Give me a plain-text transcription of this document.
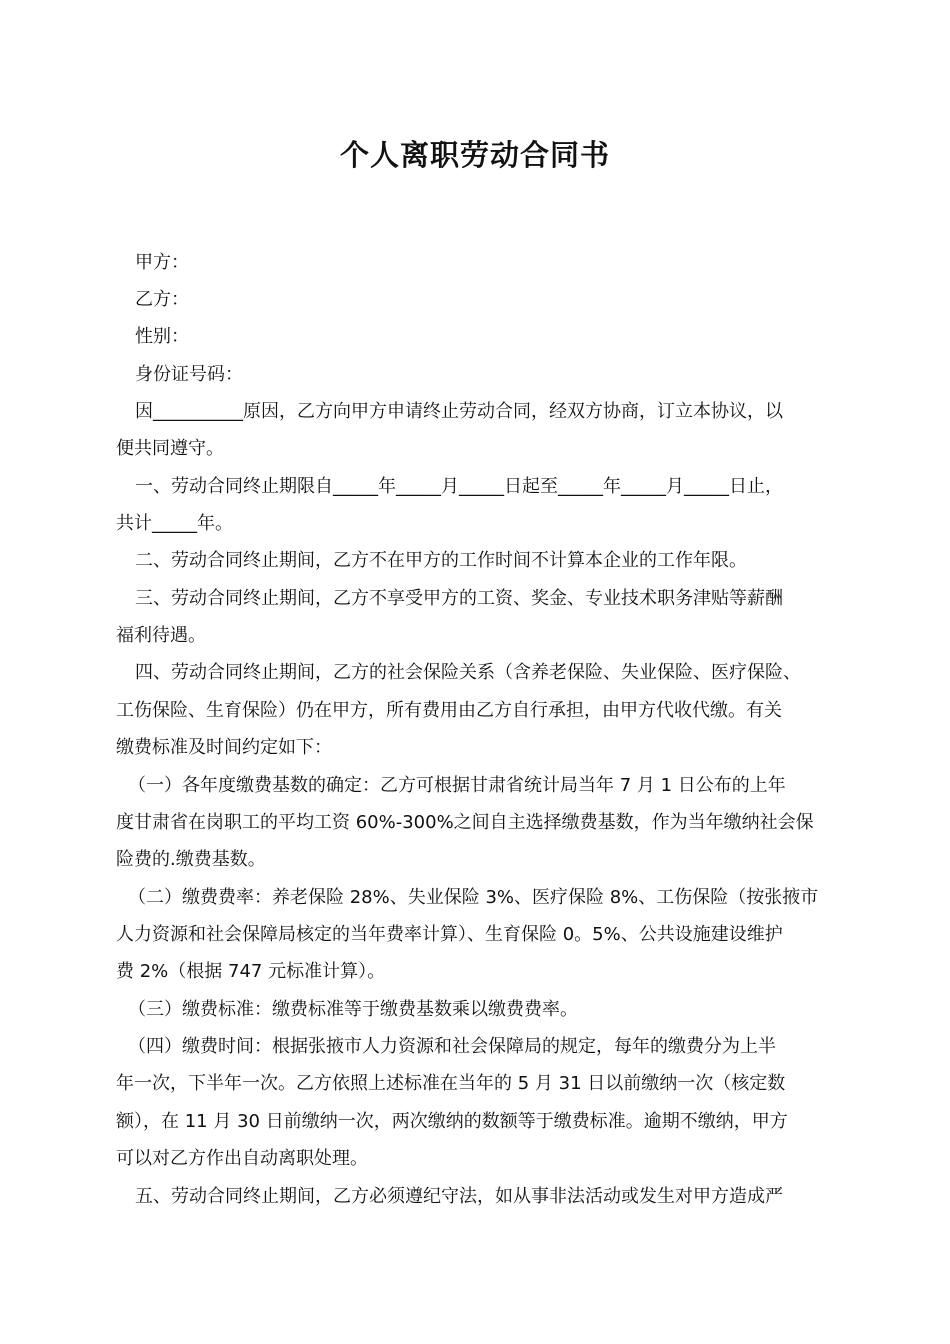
个人离职劳动合同书

甲方：

乙方：

性别：

身份证号码：

因__________原因，乙方向甲方申请终止劳动合同，经双方协商，订立本协议，以

便共同遵守。

一、劳动合同终止期限自_____年_____月_____日起至_____年_____月_____日止，

共计_____年。

二、劳动合同终止期间，乙方不在甲方的工作时间不计算本企业的工作年限。

三、劳动合同终止期间，乙方不享受甲方的工资、奖金、专业技术职务津贴等薪酬

福利待遇。

四、劳动合同终止期间，乙方的社会保险关系（含养老保险、失业保险、医疗保险、

工伤保险、生育保险）仍在甲方，所有费用由乙方自行承担，由甲方代收代缴。有关

缴费标准及时间约定如下：

（一）各年度缴费基数的确定：乙方可根据甘肃省统计局当年 7 月 1 日公布的上年

度甘肃省在岗职工的平均工资 60%-300%之间自主选择缴费基数，作为当年缴纳社会保

险费的.缴费基数。

（二）缴费费率：养老保险 28%、失业保险 3%、医疗保险 8%、工伤保险（按张掖市

人力资源和社会保障局核定的当年费率计算）、生育保险 0。5%、公共设施建设维护

费 2%（根据 747 元标准计算）。

（三）缴费标准：缴费标准等于缴费基数乘以缴费费率。

（四）缴费时间：根据张掖市人力资源和社会保障局的规定，每年的缴费分为上半

年一次，下半年一次。乙方依照上述标准在当年的 5 月 31 日以前缴纳一次（核定数

额），在 11 月 30 日前缴纳一次，两次缴纳的数额等于缴费标准。逾期不缴纳，甲方

可以对乙方作出自动离职处理。

五、劳动合同终止期间，乙方必须遵纪守法，如从事非法活动或发生对甲方造成严
